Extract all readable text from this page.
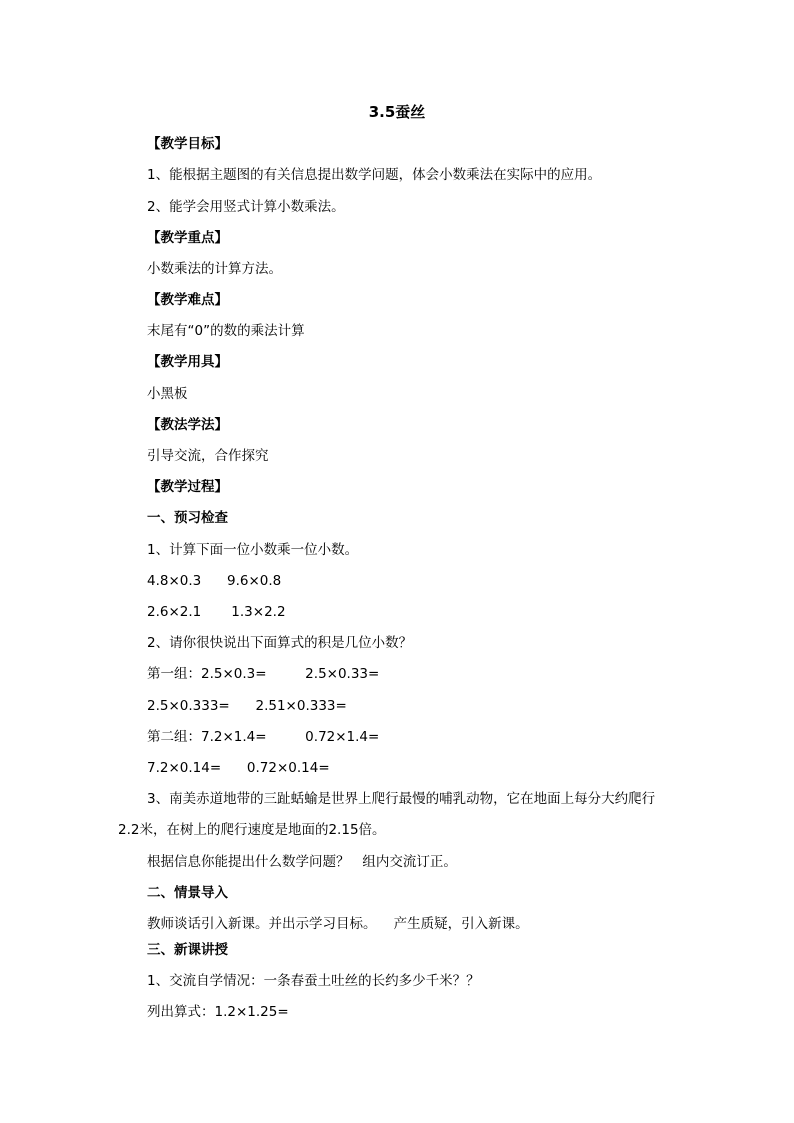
3.5蚕丝
【教学目标】
1、能根据主题图的有关信息提出数学问题，体会小数乘法在实际中的应用。
2、能学会用竖式计算小数乘法。
【教学重点】
小数乘法的计算方法。
【教学难点】
末尾有“0”的数的乘法计算
【教学用具】
小黑板
【教法学法】
引导交流，合作探究
【教学过程】
一、预习检查
1、计算下面一位小数乘一位小数。
4.8×0.3      9.6×0.8
2.6×2.1       1.3×2.2
2、请你很快说出下面算式的积是几位小数？
第一组：2.5×0.3=         2.5×0.33=
2.5×0.333=      2.51×0.333=
第二组：7.2×1.4=         0.72×1.4=
7.2×0.14=      0.72×0.14=
3、南美赤道地带的三趾蛞蝓是世界上爬行最慢的哺乳动物，它在地面上每分大约爬行
2.2米，在树上的爬行速度是地面的2.15倍。
根据信息你能提出什么数学问题？   组内交流订正。
二、情景导入
教师谈话引入新课。并出示学习目标。    产生质疑，引入新课。
三、新课讲授
1、交流自学情况：一条春蚕土吐丝的长约多少千米？？
列出算式：1.2×1.25=
